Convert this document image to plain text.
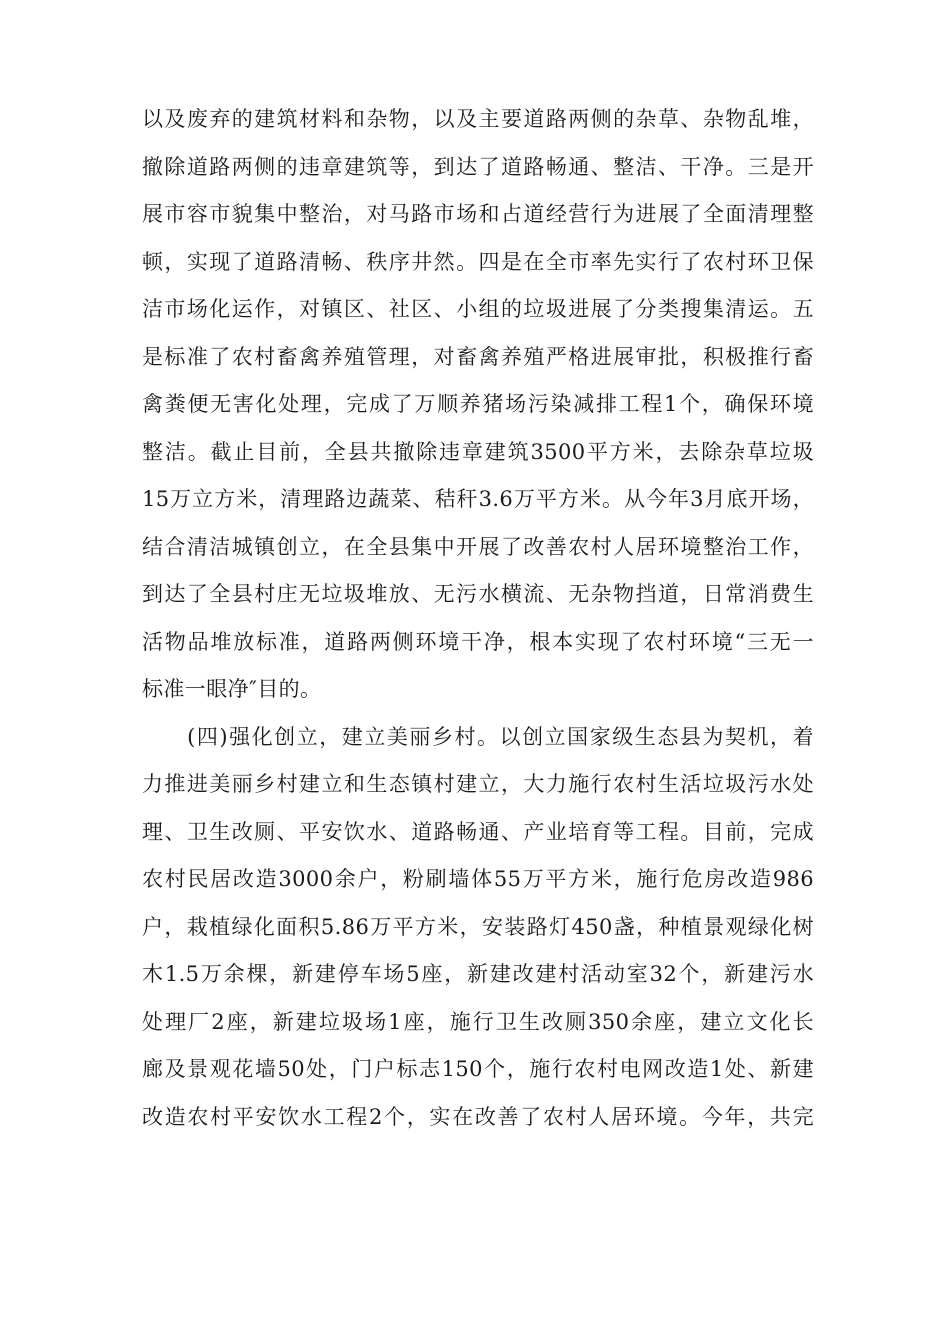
以及废弃的建筑材料和杂物，以及主要道路两侧的杂草、杂物乱堆，
撤除道路两侧的违章建筑等，到达了道路畅通、整洁、干净。三是开
展市容市貌集中整治，对马路市场和占道经营行为进展了全面清理整
顿，实现了道路清畅、秩序井然。四是在全市率先实行了农村环卫保
洁市场化运作，对镇区、社区、小组的垃圾进展了分类搜集清运。五
是标准了农村畜禽养殖管理，对畜禽养殖严格进展审批，积极推行畜
禽粪便无害化处理，完成了万顺养猪场污染减排工程1个，确保环境
整洁。截止目前，全县共撤除违章建筑3500平方米，去除杂草垃圾
15万立方米，清理路边蔬菜、秸秆3.6万平方米。从今年3月底开场，
结合清洁城镇创立，在全县集中开展了改善农村人居环境整治工作，
到达了全县村庄无垃圾堆放、无污水横流、无杂物挡道，日常消费生
活物品堆放标准，道路两侧环境干净，根本实现了农村环境“三无一
标准一眼净″目的。
　　(四)强化创立，建立美丽乡村。以创立国家级生态县为契机，着
力推进美丽乡村建立和生态镇村建立，大力施行农村生活垃圾污水处
理、卫生改厕、平安饮水、道路畅通、产业培育等工程。目前，完成
农村民居改造3000余户，粉刷墙体55万平方米，施行危房改造986
户，栽植绿化面积5.86万平方米，安装路灯450盏，种植景观绿化树
木1.5万余棵，新建停车场5座，新建改建村活动室32个，新建污水
处理厂2座，新建垃圾场1座，施行卫生改厕350余座，建立文化长
廊及景观花墙50处，门户标志150个，施行农村电网改造1处、新建
改造农村平安饮水工程2个，实在改善了农村人居环境。今年，共完
